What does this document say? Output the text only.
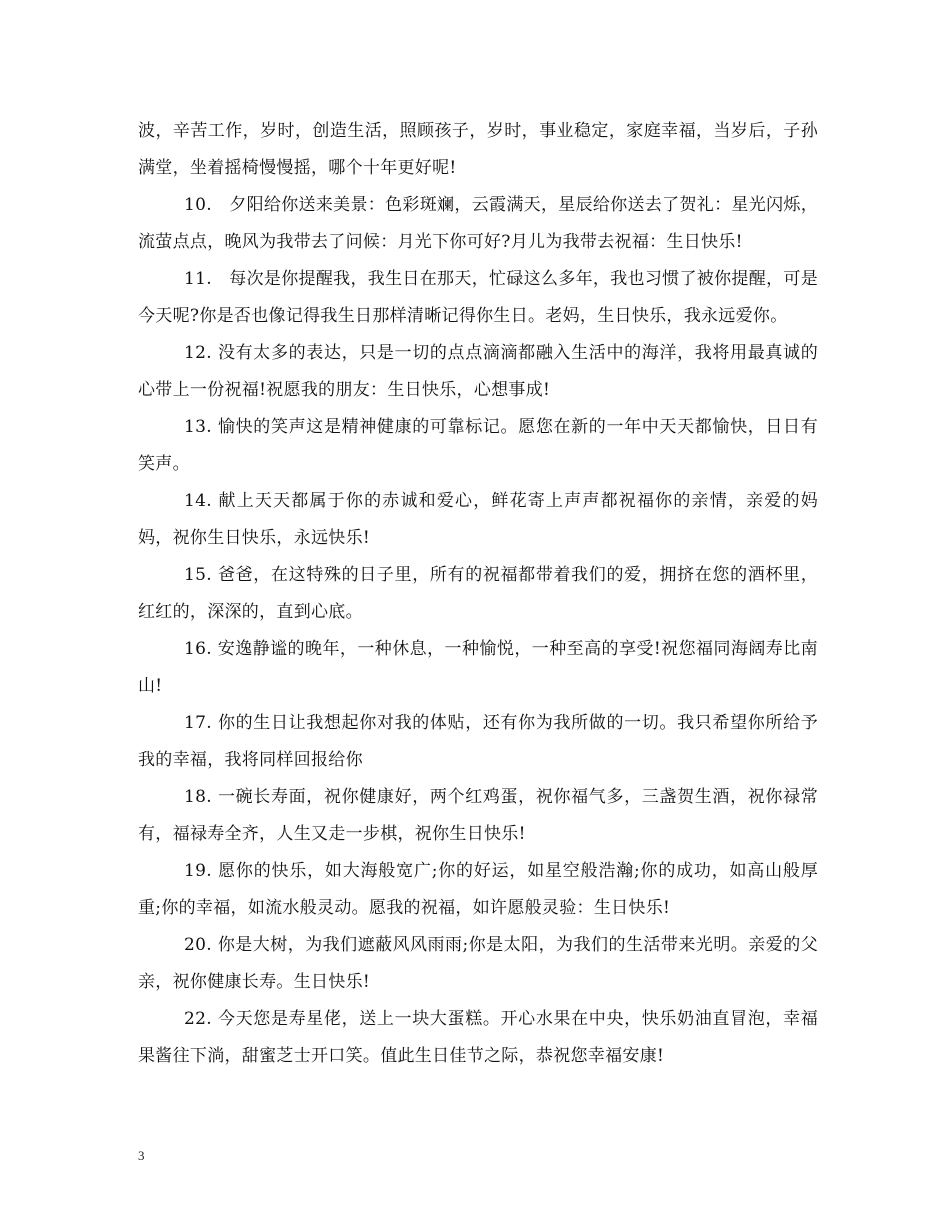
波，辛苦工作，岁时，创造生活，照顾孩子，岁时，事业稳定，家庭幸福，当岁后，子孙满堂，坐着摇椅慢慢摇，哪个十年更好呢!

10.　夕阳给你送来美景：色彩斑斓，云霞满天，星辰给你送去了贺礼：星光闪烁，流萤点点，晚风为我带去了问候：月光下你可好?月儿为我带去祝福：生日快乐!

11.　每次是你提醒我，我生日在那天，忙碌这么多年，我也习惯了被你提醒，可是今天呢?你是否也像记得我生日那样清晰记得你生日。老妈，生日快乐，我永远爱你。

12. 没有太多的表达，只是一切的点点滴滴都融入生活中的海洋，我将用最真诚的心带上一份祝福!祝愿我的朋友：生日快乐，心想事成!

13. 愉快的笑声这是精神健康的可靠标记。愿您在新的一年中天天都愉快，日日有笑声。

14. 献上天天都属于你的赤诚和爱心，鲜花寄上声声都祝福你的亲情，亲爱的妈妈，祝你生日快乐，永远快乐!

15. 爸爸，在这特殊的日子里，所有的祝福都带着我们的爱，拥挤在您的酒杯里，红红的，深深的，直到心底。

16. 安逸静谧的晚年，一种休息，一种愉悦，一种至高的享受!祝您福同海阔寿比南山!

17. 你的生日让我想起你对我的体贴，还有你为我所做的一切。我只希望你所给予我的幸福，我将同样回报给你

18. 一碗长寿面，祝你健康好，两个红鸡蛋，祝你福气多，三盏贺生酒，祝你禄常有，福禄寿全齐，人生又走一步棋，祝你生日快乐!

19. 愿你的快乐，如大海般宽广;你的好运，如星空般浩瀚;你的成功，如高山般厚重;你的幸福，如流水般灵动。愿我的祝福，如许愿般灵验：生日快乐!

20. 你是大树，为我们遮蔽风风雨雨;你是太阳，为我们的生活带来光明。亲爱的父亲，祝你健康长寿。生日快乐!

22. 今天您是寿星佬，送上一块大蛋糕。开心水果在中央，快乐奶油直冒泡，幸福　果酱往下淌，甜蜜芝士开口笑。值此生日佳节之际，恭祝您幸福安康!

3
